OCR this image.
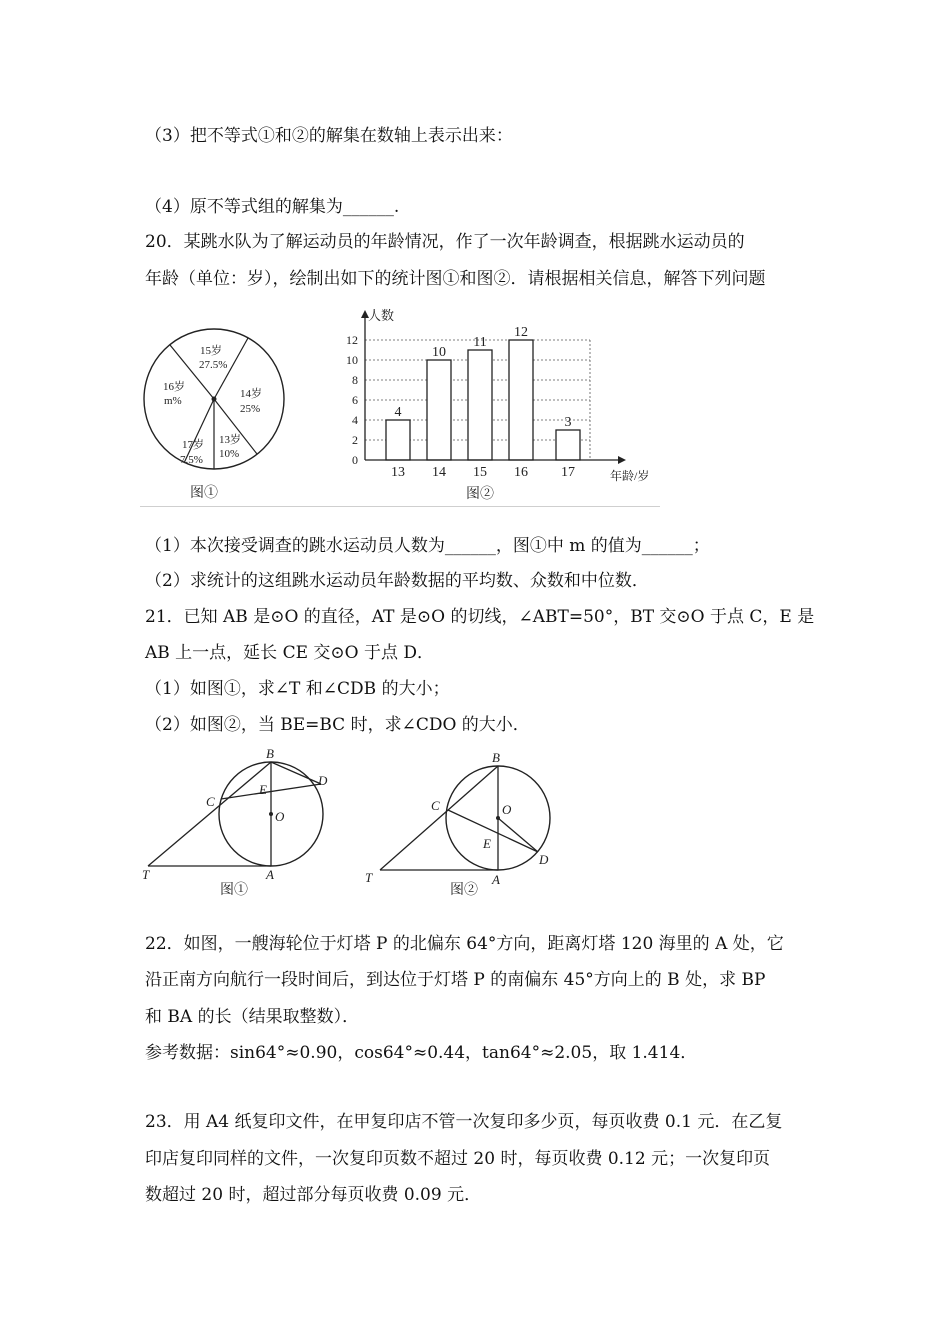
（3）把不等式①和②的解集在数轴上表示出来：
（4）原不等式组的解集为______.
20．某跳水队为了解运动员的年龄情况，作了一次年龄调查，根据跳水运动员的
年龄（单位：岁），绘制出如下的统计图①和图②．请根据相关信息，解答下列问题
15岁
27.5%
16岁
m%
14岁
25%
13岁
10%
17岁
7.5%
图①
0
2
4
6
8
10
12
4
13
10
14
11
15
12
16
3
17
人数
年龄/岁
图②
（1）本次接受调查的跳水运动员人数为______，图①中 m 的值为______；
（2）求统计的这组跳水运动员年龄数据的平均数、众数和中位数．
21．已知 AB 是⊙O 的直径，AT 是⊙O 的切线，∠ABT=50°，BT 交⊙O 于点 C，E 是
AB 上一点，延长 CE 交⊙O 于点 D．
（1）如图①，求∠T 和∠CDB 的大小；
（2）如图②，当 BE=BC 时，求∠CDO 的大小．
B
D
C
E
O
T	A
图①
B
O
C
E
D
T	A
图②
22．如图，一艘海轮位于灯塔 P 的北偏东 64°方向，距离灯塔 120 海里的 A 处，它
沿正南方向航行一段时间后，到达位于灯塔 P 的南偏东 45°方向上的 B 处，求 BP
和 BA 的长（结果取整数）．
参考数据：sin64°≈0.90，cos64°≈0.44，tan64°≈2.05，取 1.414．
23．用 A4 纸复印文件，在甲复印店不管一次复印多少页，每页收费 0.1 元．在乙复
印店复印同样的文件，一次复印页数不超过 20 时，每页收费 0.12 元；一次复印页
数超过 20 时，超过部分每页收费 0.09 元．
